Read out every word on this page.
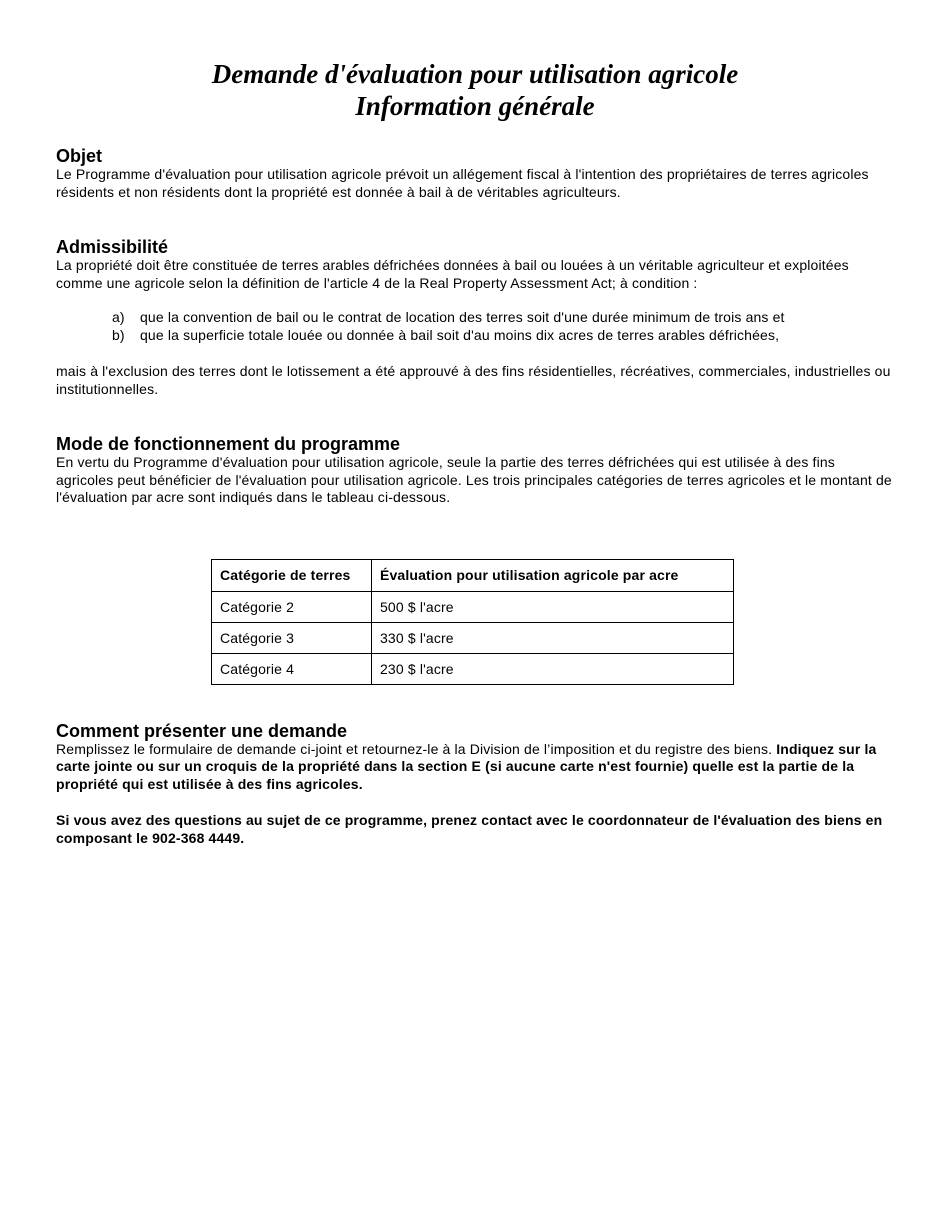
Demande d'évaluation pour utilisation agricole
Information générale
Objet

Le Programme d'évaluation pour utilisation agricole prévoit un allégement fiscal à l'intention des propriétaires de terres agricoles résidents et non résidents dont la propriété est donnée à bail à de véritables agriculteurs.

Admissibilité

La propriété doit être constituée de terres arables défrichées données à bail ou louées à un véritable agriculteur et exploitées comme une agricole selon la définition de l'article 4 de la Real Property Assessment Act; à condition :

a)	que la convention de bail ou le contrat de location des terres soit d'une durée minimum de trois ans et
b)	que la superficie totale louée ou donnée à bail soit d'au moins dix acres de terres arables défrichées,

mais à l'exclusion des terres dont le lotissement a été approuvé à des fins résidentielles, récréatives, commerciales, industrielles ou institutionnelles.

Mode de fonctionnement du programme

En vertu du Programme d'évaluation pour utilisation agricole, seule la partie des terres défrichées qui est utilisée à des fins agricoles peut bénéficier de l'évaluation pour utilisation agricole. Les trois principales catégories de terres agricoles et le montant de l'évaluation par acre sont indiqués dans le tableau ci-dessous.

Catégorie de terres	Évaluation pour utilisation agricole par acre
Catégorie 2	500 $ l'acre
Catégorie 3	330 $ l'acre
Catégorie 4	230 $ l'acre
Comment présenter une demande

Remplissez le formulaire de demande ci-joint et retournez-le à la Division de l’imposition et du registre des biens. Indiquez sur la carte jointe ou sur un croquis de la propriété dans la section E (si aucune carte n'est fournie) quelle est la partie de la propriété qui est utilisée à des fins agricoles.

Si vous avez des questions au sujet de ce programme, prenez contact avec le coordonnateur de l'évaluation des biens en composant le 902-368 4449.
